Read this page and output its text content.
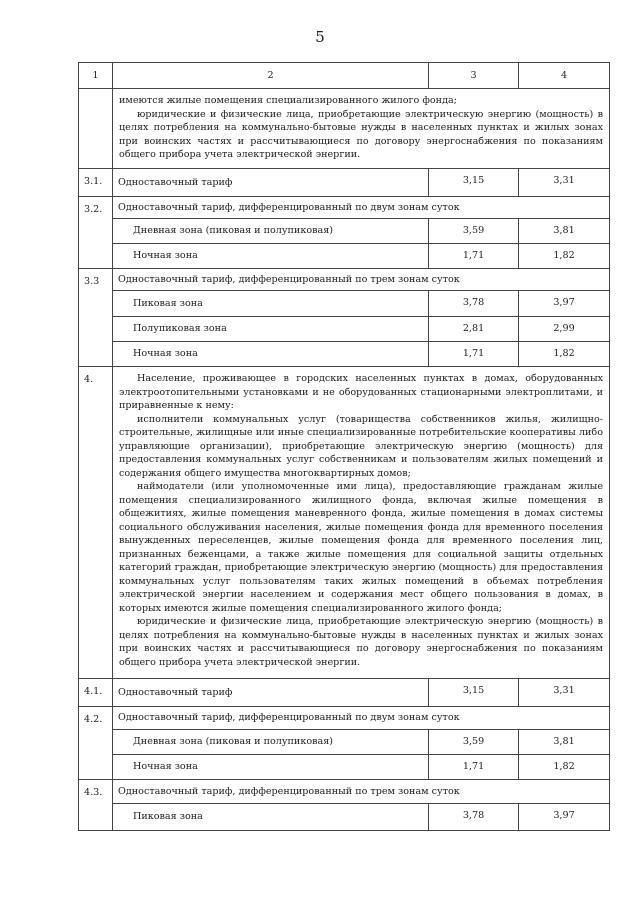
5
1	2	3	4

	имеются жилые помещения специализированного жилого фонда;
юридические и физические лица, приобретающие электрическую энергию (мощность) в целях потребления на коммунально-бытовые нужды в населенных пунктах и жилых зонах при воинских частях и рассчитывающиеся по договору энергоснабжения по показаниям общего прибора учета электрической энергии.		

3.1.	Одноставочный тариф	3,15	3,31
3.2.	Одноставочный тариф, дифференцированный по двум зонам суток		
	Дневная зона (пиковая и полупиковая)	3,59	3,81
	Ночная зона	1,71	1,82
3.3	Одноставочный тариф, дифференцированный по трем зонам суток		
	Пиковая зона	3,78	3,97
	Полупиковая зона	2,81	2,99
	Ночная зона	1,71	1,82
4.	Население, проживающее в городских населенных пунктах в домах, оборудованных электроотопительными установками и не оборудованных стационарными электроплитами, и приравненные к нему:
исполнители коммунальных услуг (товарищества собственников жилья, жилищно-строительные, жилищные или иные специализированные потребительские кооперативы либо управляющие организации), приобретающие электрическую энергию (мощность) для предоставления коммунальных услуг собственникам и пользователям жилых помещений и содержания общего имущества многоквартирных домов;
наймодатели (или уполномоченные ими лица), предоставляющие гражданам жилые помещения специализированного жилищного фонда, включая жилые помещения в общежитиях, жилые помещения маневренного фонда, жилые помещения в домах системы социального обслуживания населения, жилые помещения фонда для временного поселения вынужденных переселенцев, жилые помещения фонда для временного поселения лиц, признанных беженцами, а также жилые помещения для социальной защиты отдельных категорий граждан, приобретающие электрическую энергию (мощность) для предоставления коммунальных услуг пользователям таких жилых помещений в объемах потребления электрической энергии населением и содержания мест общего пользования в домах, в которых имеются жилые помещения специализированного жилого фонда;
юридические и физические лица, приобретающие электрическую энергию (мощность) в целях потребления на коммунально-бытовые нужды в населенных пунктах и жилых зонах при воинских частях и рассчитывающиеся по договору энергоснабжения по показаниям общего прибора учета электрической энергии.		

4.1.	Одноставочный тариф	3,15	3,31
4.2.	Одноставочный тариф, дифференцированный по двум зонам суток		
	Дневная зона (пиковая и полупиковая)	3,59	3,81
	Ночная зона	1,71	1,82
4.3.	Одноставочный тариф, дифференцированный по трем зонам суток		
	Пиковая зона	3,78	3,97
